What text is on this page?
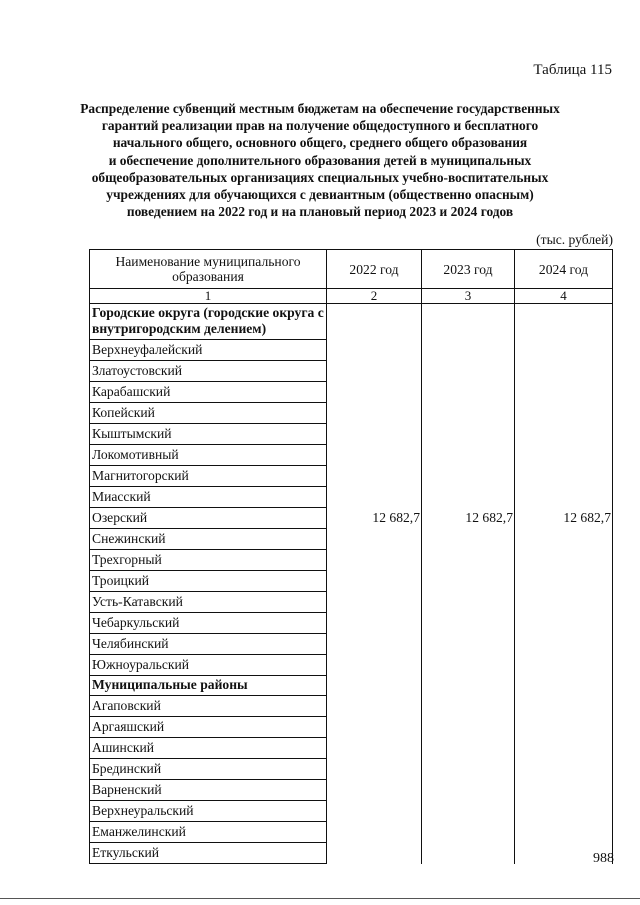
Таблица 115
Распределение субвенций местным бюджетам на обеспечение государственных
гарантий реализации прав на получение общедоступного и бесплатного
начального общего, основного общего, среднего общего образования
и обеспечение дополнительного образования детей в муниципальных
общеобразовательных организациях специальных учебно-воспитательных
учреждениях для обучающихся с девиантным (общественно опасным)
поведением на 2022 год и на плановый период 2023 и 2024 годов
(тыс. рублей)
Наименование муниципального образования	2022 год	2023 год	2024 год
1	2	3	4
Городские округа (городские округа с внутригородским делением)			
Верхнеуфалейский			
Златоустовский			
Карабашский			
Копейский			
Кыштымский			
Локомотивный			
Магнитогорский			
Миасский			
Озерский	12 682,7	12 682,7	12 682,7
Снежинский			
Трехгорный			
Троицкий			
Усть-Катавский			
Чебаркульский			
Челябинский			
Южноуральский			
Муниципальные районы			
Агаповский			
Аргаяшский			
Ашинский			
Брединский			
Варненский			
Верхнеуральский			
Еманжелинский			
Еткульский				988
